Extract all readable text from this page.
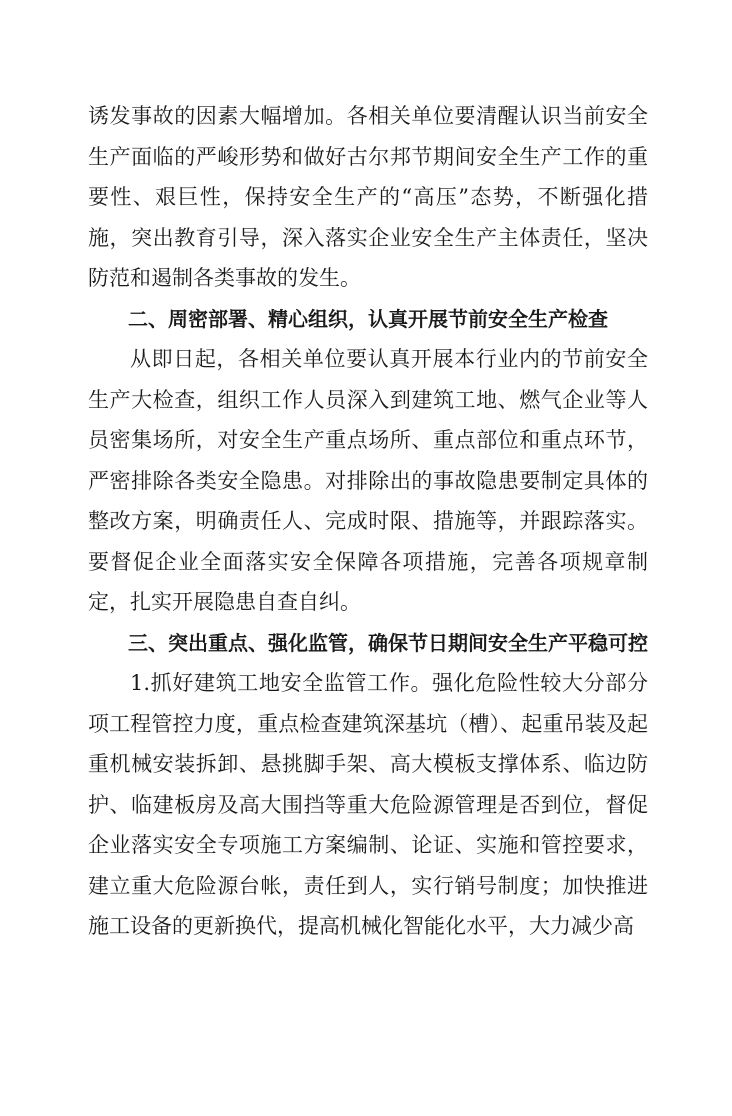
诱发事故的因素大幅增加。各相关单位要清醒认识当前安全生产面临的严峻形势和做好古尔邦节期间安全生产工作的重要性、艰巨性，保持安全生产的“高压”态势，不断强化措施，突出教育引导，深入落实企业安全生产主体责任，坚决防范和遏制各类事故的发生。

二、周密部署、精心组织，认真开展节前安全生产检查

从即日起，各相关单位要认真开展本行业内的节前安全生产大检查，组织工作人员深入到建筑工地、燃气企业等人员密集场所，对安全生产重点场所、重点部位和重点环节，严密排除各类安全隐患。对排除出的事故隐患要制定具体的整改方案，明确责任人、完成时限、措施等，并跟踪落实。要督促企业全面落实安全保障各项措施，完善各项规章制定，扎实开展隐患自查自纠。

三、突出重点、强化监管，确保节日期间安全生产平稳可控

1.抓好建筑工地安全监管工作。强化危险性较大分部分项工程管控力度，重点检查建筑深基坑（槽）、起重吊装及起重机械安装拆卸、悬挑脚手架、高大模板支撑体系、临边防护、临建板房及高大围挡等重大危险源管理是否到位，督促企业落实安全专项施工方案编制、论证、实施和管控要求，建立重大危险源台帐，责任到人，实行销号制度；加快推进施工设备的更新换代，提高机械化智能化水平，大力减少高
